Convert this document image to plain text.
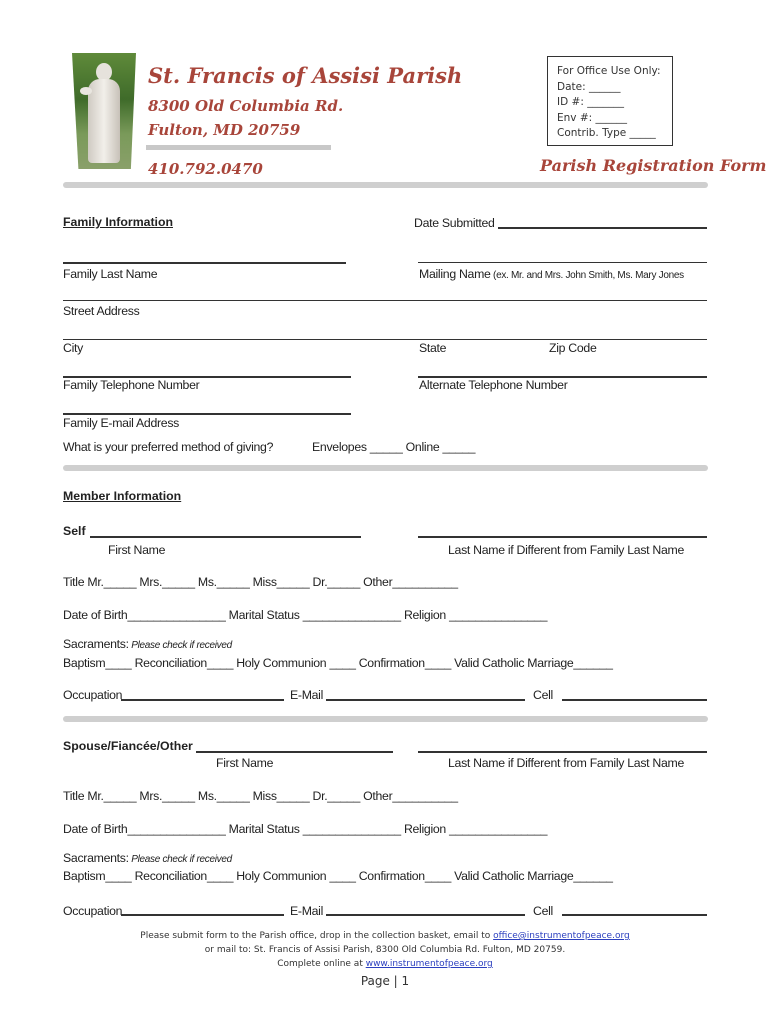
St. Francis of Assisi Parish
8300 Old Columbia Rd.
Fulton, MD 20759
410.792.0470
For Office Use Only:
Date: ______
ID #: _______
Env #: ______
Contrib. Type _____
Parish Registration Form
Family Information	Date Submitted
Family Last Name	Mailing Name (ex. Mr. and Mrs. John Smith, Ms. Mary Jones
Street Address
City	State	Zip Code
Family Telephone Number	Alternate Telephone Number
Family E-mail Address
What is your preferred method of giving?	Envelopes _____ Online _____
Member Information
Self
First Name	Last Name if Different from Family Last Name
Title Mr._____ Mrs._____ Ms._____ Miss_____ Dr._____ Other__________
Date of Birth_______________ Marital Status _______________ Religion _______________
Sacraments: Please check if received
Baptism____ Reconciliation____ Holy Communion ____ Confirmation____ Valid Catholic Marriage______
Occupation	E-Mail	Cell
Spouse/Fiancée/Other
First Name	Last Name if Different from Family Last Name
Title Mr._____ Mrs._____ Ms._____ Miss_____ Dr._____ Other__________
Date of Birth_______________ Marital Status _______________ Religion _______________
Sacraments: Please check if received
Baptism____ Reconciliation____ Holy Communion ____ Confirmation____ Valid Catholic Marriage______
Occupation	E-Mail	Cell
Please submit form to the Parish office, drop in the collection basket, email to office@instrumentofpeace.org
or mail to: St. Francis of Assisi Parish, 8300 Old Columbia Rd. Fulton, MD 20759.
Complete online at www.instrumentofpeace.org
Page | 1
